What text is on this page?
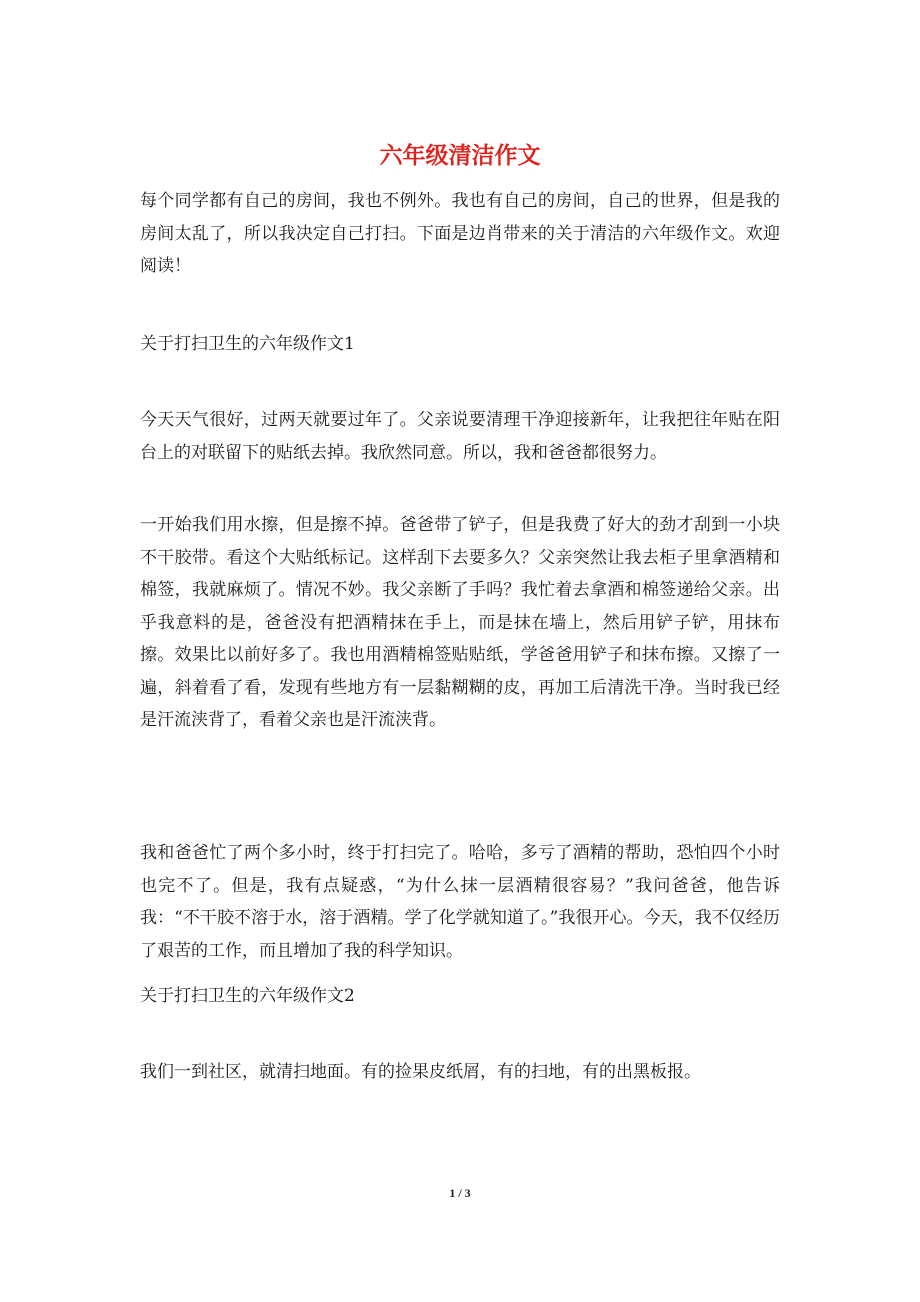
六年级清洁作文

每个同学都有自己的房间，我也不例外。我也有自己的房间，自己的世界，但是我的房间太乱了，所以我决定自己打扫。下面是边肖带来的关于清洁的六年级作文。欢迎阅读！

关于打扫卫生的六年级作文1

今天天气很好，过两天就要过年了。父亲说要清理干净迎接新年，让我把往年贴在阳台上的对联留下的贴纸去掉。我欣然同意。所以，我和爸爸都很努力。

一开始我们用水擦，但是擦不掉。爸爸带了铲子，但是我费了好大的劲才刮到一小块不干胶带。看这个大贴纸标记。这样刮下去要多久？父亲突然让我去柜子里拿酒精和棉签，我就麻烦了。情况不妙。我父亲断了手吗？我忙着去拿酒和棉签递给父亲。出乎我意料的是，爸爸没有把酒精抹在手上，而是抹在墙上，然后用铲子铲，用抹布擦。效果比以前好多了。我也用酒精棉签贴贴纸，学爸爸用铲子和抹布擦。又擦了一遍，斜着看了看，发现有些地方有一层黏糊糊的皮，再加工后清洗干净。当时我已经是汗流浃背了，看着父亲也是汗流浃背。

我和爸爸忙了两个多小时，终于打扫完了。哈哈，多亏了酒精的帮助，恐怕四个小时也完不了。但是，我有点疑惑，“为什么抹一层酒精很容易？”我问爸爸，他告诉我：“不干胶不溶于水，溶于酒精。学了化学就知道了。”我很开心。今天，我不仅经历了艰苦的工作，而且增加了我的科学知识。

关于打扫卫生的六年级作文2

我们一到社区，就清扫地面。有的捡果皮纸屑，有的扫地，有的出黑板报。

1 / 3
